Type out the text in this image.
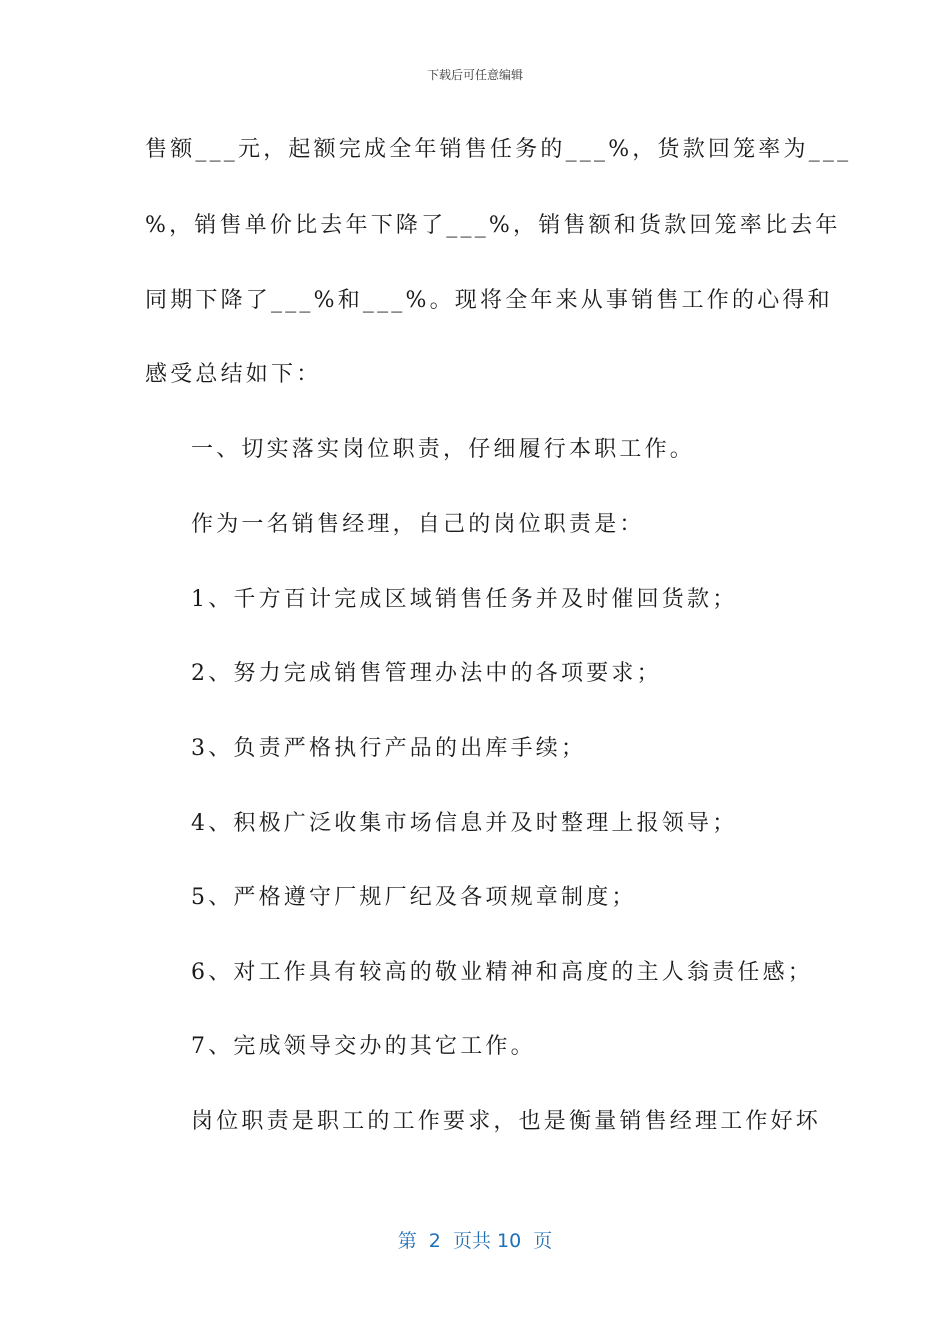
下载后可任意编辑
售额___元，起额完成全年销售任务的___%，货款回笼率为___
%，销售单价比去年下降了___%，销售额和货款回笼率比去年
同期下降了___%和___%。现将全年来从事销售工作的心得和
感受总结如下：
一、切实落实岗位职责，仔细履行本职工作。
作为一名销售经理，自己的岗位职责是：
1、千方百计完成区域销售任务并及时催回货款；
2、努力完成销售管理办法中的各项要求；
3、负责严格执行产品的出库手续；
4、积极广泛收集市场信息并及时整理上报领导；
5、严格遵守厂规厂纪及各项规章制度；
6、对工作具有较高的敬业精神和高度的主人翁责任感；
7、完成领导交办的其它工作。
岗位职责是职工的工作要求，也是衡量销售经理工作好坏
第  2  页共 10  页
